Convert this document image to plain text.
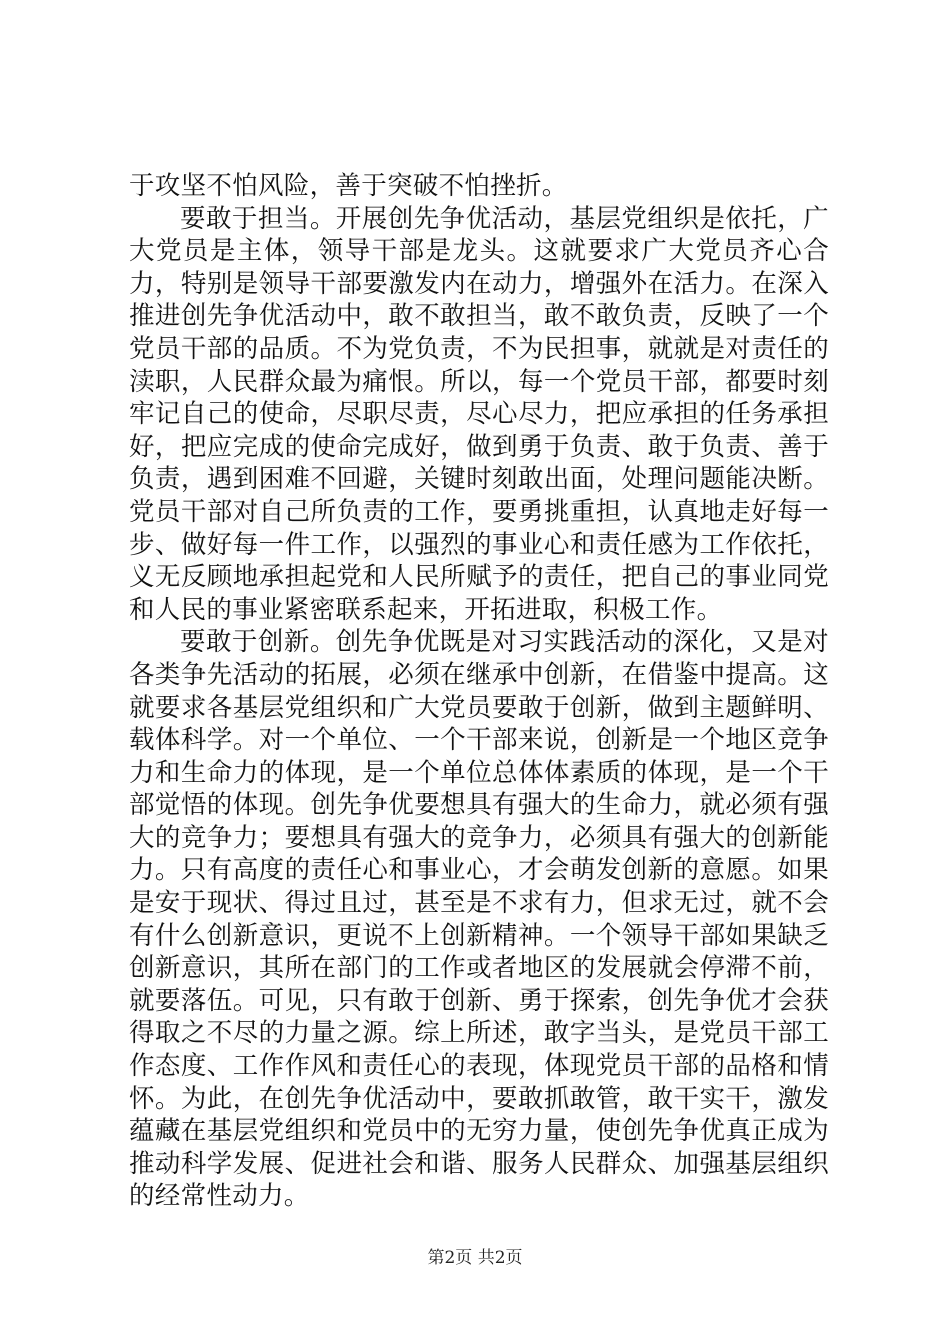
于攻坚不怕风险，善于突破不怕挫折。

要敢于担当。开展创先争优活动，基层党组织是依托，广大党员是主体，领导干部是龙头。这就要求广大党员齐心合力，特别是领导干部要激发内在动力，增强外在活力。在深入推进创先争优活动中，敢不敢担当，敢不敢负责，反映了一个党员干部的品质。不为党负责，不为民担事，就就是对责任的渎职，人民群众最为痛恨。所以，每一个党员干部，都要时刻牢记自己的使命，尽职尽责，尽心尽力，把应承担的任务承担好，把应完成的使命完成好，做到勇于负责、敢于负责、善于负责，遇到困难不回避，关键时刻敢出面，处理问题能决断。党员干部对自己所负责的工作，要勇挑重担，认真地走好每一步、做好每一件工作，以强烈的事业心和责任感为工作依托，义无反顾地承担起党和人民所赋予的责任，把自己的事业同党和人民的事业紧密联系起来，开拓进取，积极工作。

要敢于创新。创先争优既是对习实践活动的深化，又是对各类争先活动的拓展，必须在继承中创新，在借鉴中提高。这就要求各基层党组织和广大党员要敢于创新，做到主题鲜明、载体科学。对一个单位、一个干部来说，创新是一个地区竞争力和生命力的体现，是一个单位总体体素质的体现，是一个干部觉悟的体现。创先争优要想具有强大的生命力，就必须有强大的竞争力；要想具有强大的竞争力，必须具有强大的创新能力。只有高度的责任心和事业心，才会萌发创新的意愿。如果是安于现状、得过且过，甚至是不求有力，但求无过，就不会有什么创新意识，更说不上创新精神。一个领导干部如果缺乏创新意识，其所在部门的工作或者地区的发展就会停滞不前，就要落伍。可见，只有敢于创新、勇于探索，创先争优才会获得取之不尽的力量之源。综上所述，敢字当头，是党员干部工作态度、工作作风和责任心的表现，体现党员干部的品格和情怀。为此，在创先争优活动中，要敢抓敢管，敢干实干，激发蕴藏在基层党组织和党员中的无穷力量，使创先争优真正成为推动科学发展、促进社会和谐、服务人民群众、加强基层组织的经常性动力。

第2页 共2页
